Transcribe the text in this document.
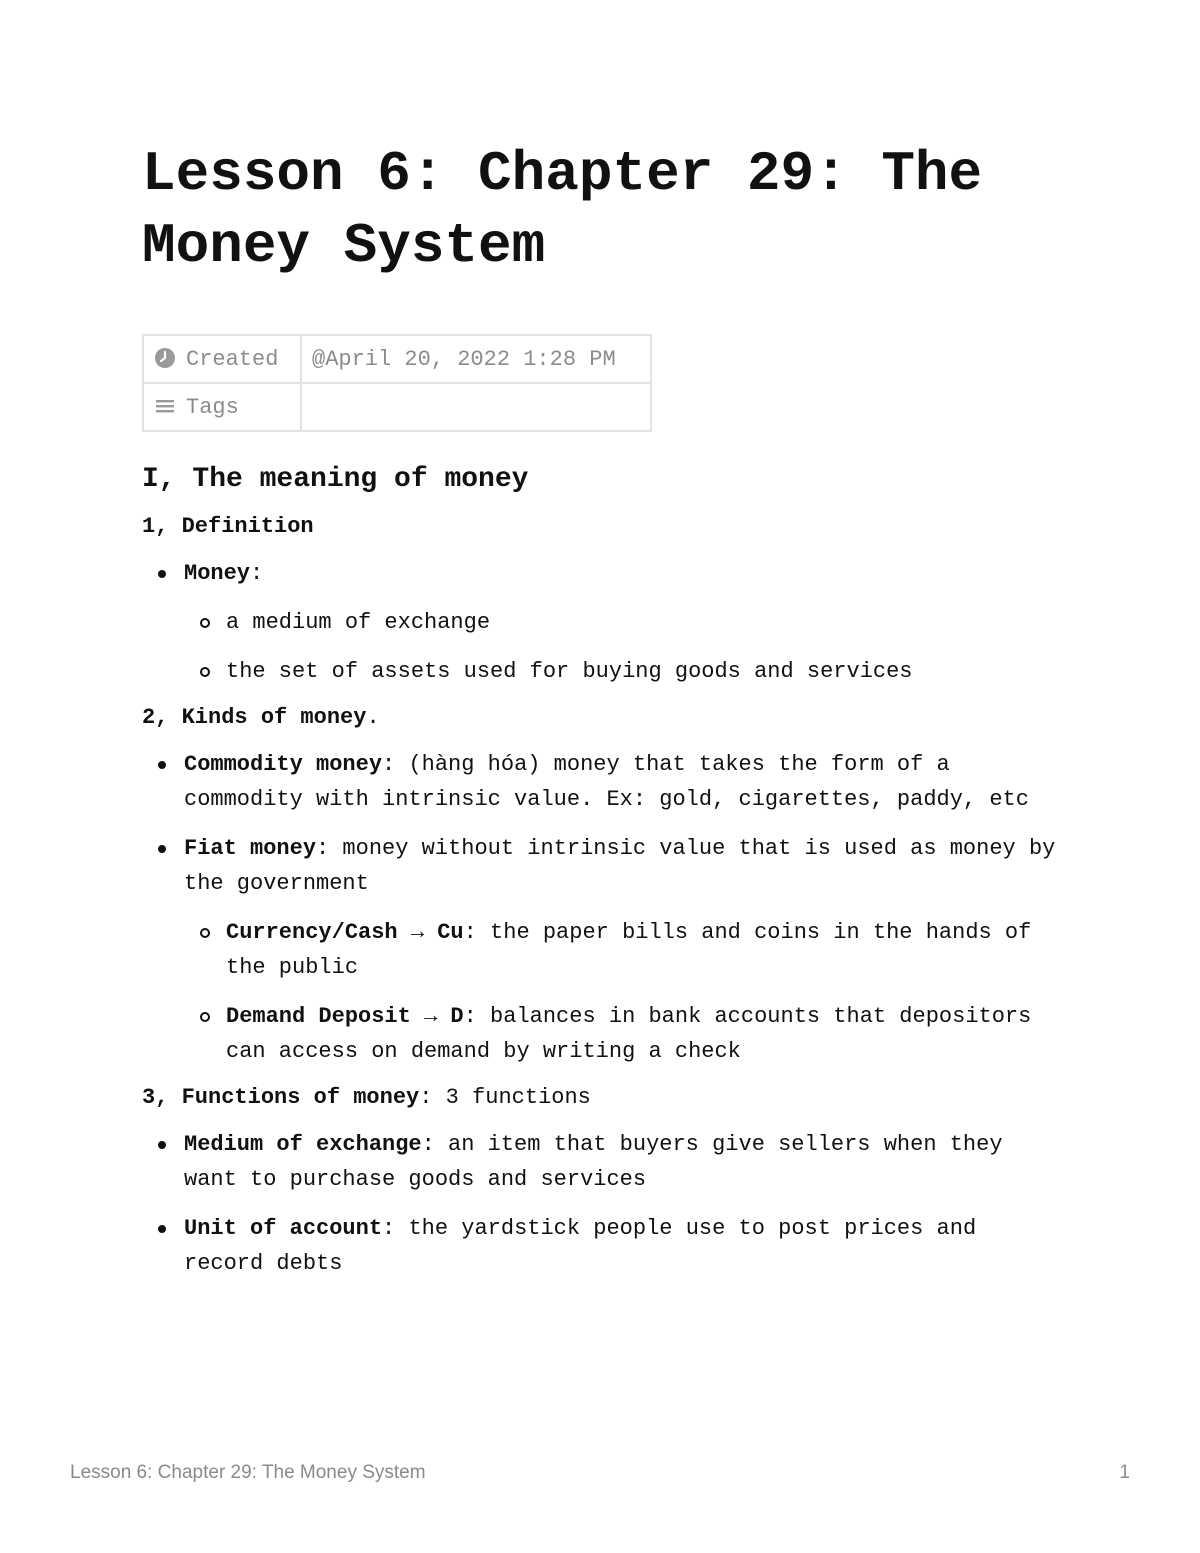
Lesson 6: Chapter 29: The Money System
Created	@April 20, 2022 1:28 PM
Tags	
I, The meaning of money
1, Definition
Money:
a medium of exchange
the set of assets used for buying goods and services
2, Kinds of money.
Commodity money: (hàng hóa) money that takes the form of a commodity with intrinsic value. Ex: gold, cigarettes, paddy, etc
Fiat money: money without intrinsic value that is used as money by the government
Currency/Cash → Cu: the paper bills and coins in the hands of the public
Demand Deposit → D: balances in bank accounts that depositors can access on demand by writing a check
3, Functions of money: 3 functions
Medium of exchange: an item that buyers give sellers when they want to purchase goods and services
Unit of account: the yardstick people use to post prices and record debts
Lesson 6: Chapter 29: The Money System	1
